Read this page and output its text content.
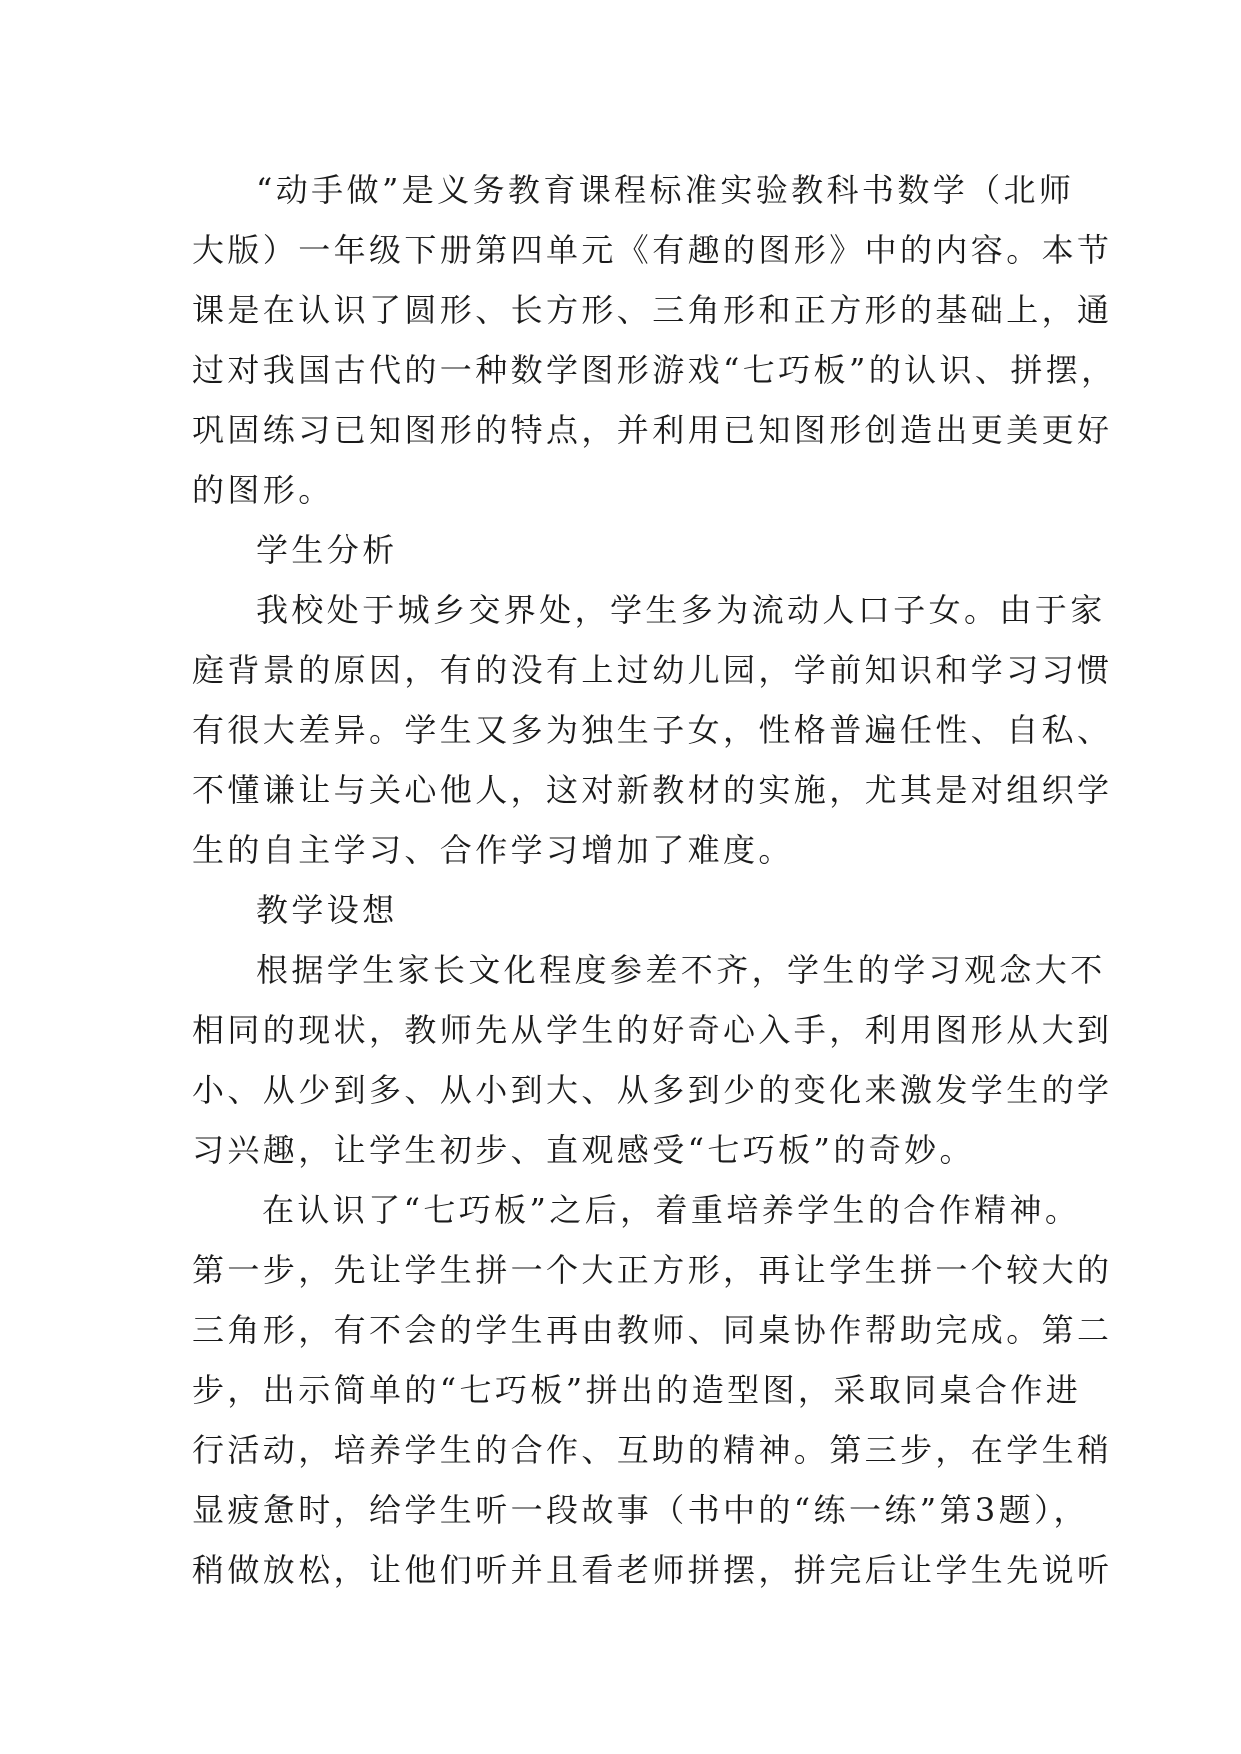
“动手做”是义务教育课程标准实验教科书数学（北师
大版）一年级下册第四单元《有趣的图形》中的内容。本节
课是在认识了圆形、长方形、三角形和正方形的基础上，通
过对我国古代的一种数学图形游戏“七巧板”的认识、拼摆，
巩固练习已知图形的特点，并利用已知图形创造出更美更好
的图形。
学生分析
我校处于城乡交界处，学生多为流动人口子女。由于家
庭背景的原因，有的没有上过幼儿园，学前知识和学习习惯
有很大差异。学生又多为独生子女，性格普遍任性、自私、
不懂谦让与关心他人，这对新教材的实施，尤其是对组织学
生的自主学习、合作学习增加了难度。
教学设想
根据学生家长文化程度参差不齐，学生的学习观念大不
相同的现状，教师先从学生的好奇心入手，利用图形从大到
小、从少到多、从小到大、从多到少的变化来激发学生的学
习兴趣，让学生初步、直观感受“七巧板”的奇妙。
在认识了“七巧板”之后，着重培养学生的合作精神。
第一步，先让学生拼一个大正方形，再让学生拼一个较大的
三角形，有不会的学生再由教师、同桌协作帮助完成。第二
步，出示简单的“七巧板”拼出的造型图，采取同桌合作进
行活动，培养学生的合作、互助的精神。第三步，在学生稍
显疲惫时，给学生听一段故事（书中的“练一练”第3题），
稍做放松，让他们听并且看老师拼摆，拼完后让学生先说听
